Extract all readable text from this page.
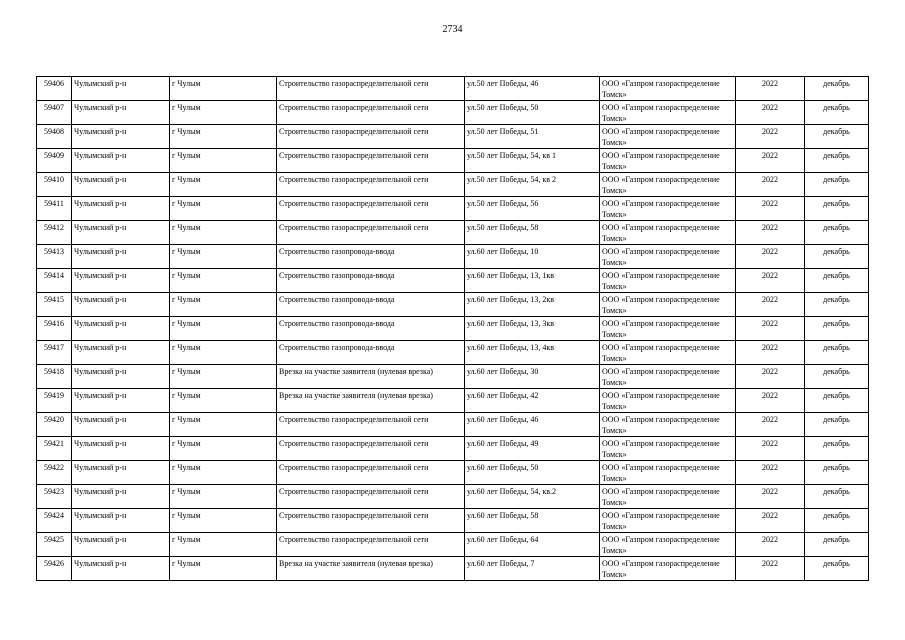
2734
59406	Чулымский р-н	г Чулым	Строительство газораспределительной сети	ул.50 лет Победы, 46	ООО «Газпром газораспределение Томск»	2022	декабрь
59407	Чулымский р-н	г Чулым	Строительство газораспределительной сети	ул.50 лет Победы, 50	ООО «Газпром газораспределение Томск»	2022	декабрь
59408	Чулымский р-н	г Чулым	Строительство газораспределительной сети	ул.50 лет Победы, 51	ООО «Газпром газораспределение Томск»	2022	декабрь
59409	Чулымский р-н	г Чулым	Строительство газораспределительной сети	ул.50 лет Победы, 54, кв 1	ООО «Газпром газораспределение Томск»	2022	декабрь
59410	Чулымский р-н	г Чулым	Строительство газораспределительной сети	ул.50 лет Победы, 54, кв 2	ООО «Газпром газораспределение Томск»	2022	декабрь
59411	Чулымский р-н	г Чулым	Строительство газораспределительной сети	ул.50 лет Победы, 56	ООО «Газпром газораспределение Томск»	2022	декабрь
59412	Чулымский р-н	г Чулым	Строительство газораспределительной сети	ул.50 лет Победы, 58	ООО «Газпром газораспределение Томск»	2022	декабрь
59413	Чулымский р-н	г Чулым	Строительство газопровода-ввода	ул.60 лет Победы, 10	ООО «Газпром газораспределение Томск»	2022	декабрь
59414	Чулымский р-н	г Чулым	Строительство газопровода-ввода	ул.60 лет Победы, 13, 1кв	ООО «Газпром газораспределение Томск»	2022	декабрь
59415	Чулымский р-н	г Чулым	Строительство газопровода-ввода	ул.60 лет Победы, 13, 2кв	ООО «Газпром газораспределение Томск»	2022	декабрь
59416	Чулымский р-н	г Чулым	Строительство газопровода-ввода	ул.60 лет Победы, 13, 3кв	ООО «Газпром газораспределение Томск»	2022	декабрь
59417	Чулымский р-н	г Чулым	Строительство газопровода-ввода	ул.60 лет Победы, 13, 4кв	ООО «Газпром газораспределение Томск»	2022	декабрь
59418	Чулымский р-н	г Чулым	Врезка на участке заявителя (нулевая врезка)	ул.60 лет Победы, 30	ООО «Газпром газораспределение Томск»	2022	декабрь
59419	Чулымский р-н	г Чулым	Врезка на участке заявителя (нулевая врезка)	ул.60 лет Победы, 42	ООО «Газпром газораспределение Томск»	2022	декабрь
59420	Чулымский р-н	г Чулым	Строительство газораспределительной сети	ул.60 лет Победы, 46	ООО «Газпром газораспределение Томск»	2022	декабрь
59421	Чулымский р-н	г Чулым	Строительство газораспределительной сети	ул.60 лет Победы, 49	ООО «Газпром газораспределение Томск»	2022	декабрь
59422	Чулымский р-н	г Чулым	Строительство газораспределительной сети	ул.60 лет Победы, 50	ООО «Газпром газораспределение Томск»	2022	декабрь
59423	Чулымский р-н	г Чулым	Строительство газораспределительной сети	ул.60 лет Победы, 54, кв.2	ООО «Газпром газораспределение Томск»	2022	декабрь
59424	Чулымский р-н	г Чулым	Строительство газораспределительной сети	ул.60 лет Победы, 58	ООО «Газпром газораспределение Томск»	2022	декабрь
59425	Чулымский р-н	г Чулым	Строительство газораспределительной сети	ул.60 лет Победы, 64	ООО «Газпром газораспределение Томск»	2022	декабрь
59426	Чулымский р-н	г Чулым	Врезка на участке заявителя (нулевая врезка)	ул.60 лет Победы, 7	ООО «Газпром газораспределение Томск»	2022	декабрь
